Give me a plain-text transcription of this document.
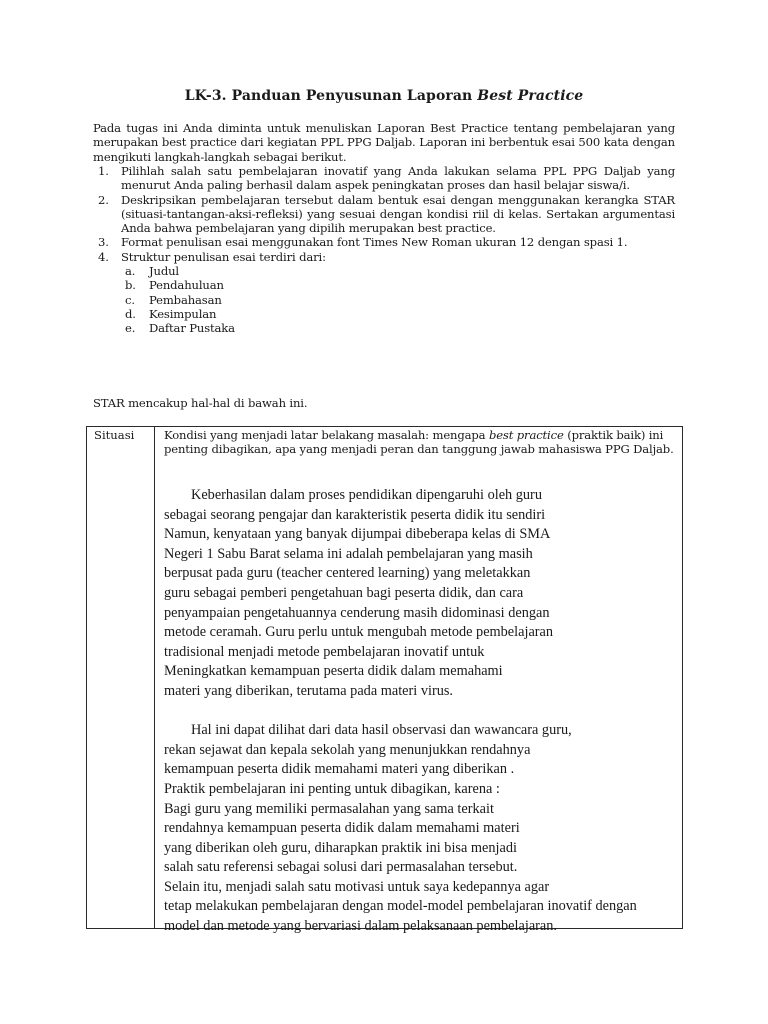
LK-3. Panduan Penyusunan Laporan Best Practice
Pada tugas ini Anda diminta untuk menuliskan Laporan Best Practice tentang pembelajaran yang merupakan best practice dari kegiatan PPL PPG Daljab. Laporan ini berbentuk esai 500 kata dengan mengikuti langkah-langkah sebagai berikut.
1. Pilihlah salah satu pembelajaran inovatif yang Anda lakukan selama PPL PPG Daljab yang menurut Anda paling berhasil dalam aspek peningkatan proses dan hasil belajar siswa/i.
2. Deskripsikan pembelajaran tersebut dalam bentuk esai dengan menggunakan kerangka STAR (situasi-tantangan-aksi-refleksi) yang sesuai dengan kondisi riil di kelas. Sertakan argumentasi Anda bahwa pembelajaran yang dipilih merupakan best practice.
3. Format penulisan esai menggunakan font Times New Roman ukuran 12 dengan spasi 1.
4. Struktur penulisan esai terdiri dari:
a. Judul
b. Pendahuluan
c. Pembahasan
d. Kesimpulan
e. Daftar Pustaka
STAR mencakup hal-hal di bawah ini.
Situasi	Kondisi yang menjadi latar belakang masalah: mengapa best practice (praktik baik) ini penting dibagikan, apa yang menjadi peran dan tanggung jawab mahasiswa PPG Daljab.
Keberhasilan dalam proses pendidikan dipengaruhi oleh guru
sebagai seorang pengajar dan karakteristik peserta didik itu sendiri
Namun, kenyataan yang banyak dijumpai dibeberapa kelas di SMA
Negeri 1 Sabu Barat selama ini adalah pembelajaran yang masih
berpusat pada guru (teacher centered learning) yang meletakkan
guru sebagai pemberi pengetahuan bagi peserta didik, dan cara
penyampaian pengetahuannya cenderung masih didominasi dengan
metode ceramah. Guru perlu untuk mengubah metode pembelajaran
tradisional menjadi metode pembelajaran inovatif untuk
Meningkatkan kemampuan peserta didik dalam memahami
materi yang diberikan, terutama pada materi virus.
Hal ini dapat dilihat dari data hasil observasi dan wawancara guru,
rekan sejawat dan kepala sekolah yang menunjukkan rendahnya
kemampuan peserta didik memahami materi yang diberikan .
Praktik pembelajaran ini penting untuk dibagikan, karena :
Bagi guru yang memiliki permasalahan yang sama terkait
rendahnya kemampuan peserta didik dalam memahami materi
yang diberikan oleh guru, diharapkan praktik ini bisa menjadi
salah satu referensi sebagai solusi dari permasalahan tersebut.
Selain itu, menjadi salah satu motivasi untuk saya kedepannya agar
tetap melakukan pembelajaran dengan model-model pembelajaran inovatif dengan
model dan metode yang bervariasi dalam pelaksanaan pembelajaran.
